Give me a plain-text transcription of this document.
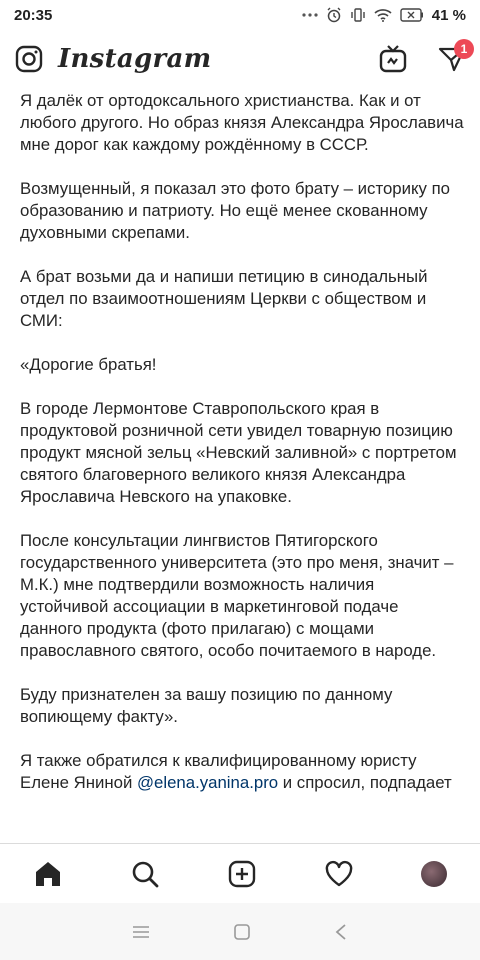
20:35	41 %
Instagram	1

Я далёк от ортодоксального христианства. Как и от любого другого. Но образ князя Александра Ярославича мне дорог как каждому рождённому в СССР.

Возмущенный, я показал это фото брату – историку по образованию и патриоту. Но ещё менее скованному духовными скрепами.

А брат возьми да и напиши петицию в синодальный отдел по взаимоотношениям Церкви с обществом и СМИ:

«Дорогие братья!

В городе Лермонтове Ставропольского края в продуктовой розничной сети увидел товарную позицию продукт мясной зельц «Невский заливной» с портретом святого благоверного великого князя Александра Ярославича Невского на упаковке.

После консультации лингвистов Пятигорского государственного университета (это про меня, значит – М.К.) мне подтвердили возможность наличия устойчивой ассоциации в маркетинговой подаче данного продукта (фото прилагаю) с мощами православного святого, особо почитаемого в народе.

Буду признателен за вашу позицию по данному вопиющему факту».

Я также обратился к квалифицированному юристу Елене Яниной @elena.yanina.pro и спросил, подпадает
